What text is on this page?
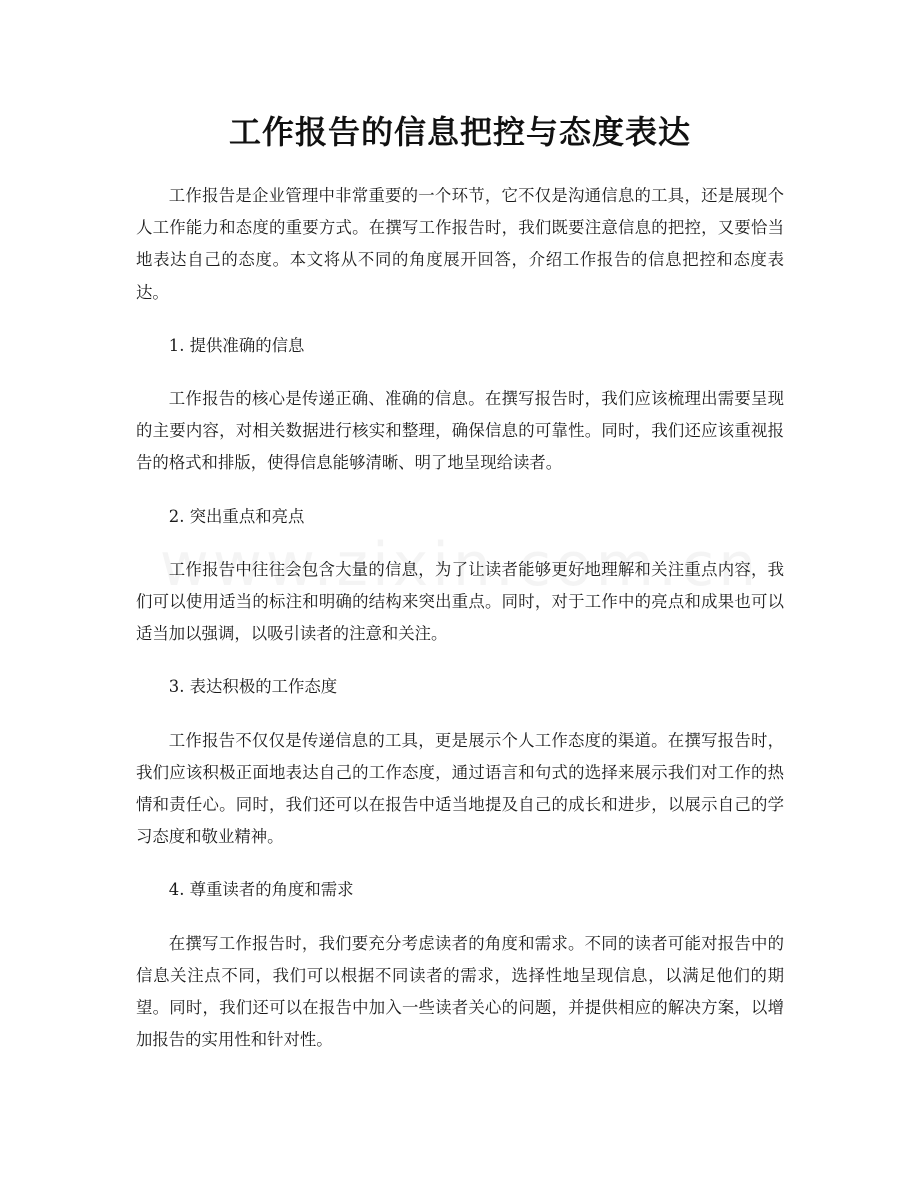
工作报告的信息把控与态度表达

工作报告是企业管理中非常重要的一个环节，它不仅是沟通信息的工具，还是展现个人工作能力和态度的重要方式。在撰写工作报告时，我们既要注意信息的把控，又要恰当地表达自己的态度。本文将从不同的角度展开回答，介绍工作报告的信息把控和态度表达。

1. 提供准确的信息

工作报告的核心是传递正确、准确的信息。在撰写报告时，我们应该梳理出需要呈现的主要内容，对相关数据进行核实和整理，确保信息的可靠性。同时，我们还应该重视报告的格式和排版，使得信息能够清晰、明了地呈现给读者。

2. 突出重点和亮点

工作报告中往往会包含大量的信息，为了让读者能够更好地理解和关注重点内容，我们可以使用适当的标注和明确的结构来突出重点。同时，对于工作中的亮点和成果也可以适当加以强调，以吸引读者的注意和关注。

3. 表达积极的工作态度

工作报告不仅仅是传递信息的工具，更是展示个人工作态度的渠道。在撰写报告时，我们应该积极正面地表达自己的工作态度，通过语言和句式的选择来展示我们对工作的热情和责任心。同时，我们还可以在报告中适当地提及自己的成长和进步，以展示自己的学习态度和敬业精神。

4. 尊重读者的角度和需求

在撰写工作报告时，我们要充分考虑读者的角度和需求。不同的读者可能对报告中的信息关注点不同，我们可以根据不同读者的需求，选择性地呈现信息，以满足他们的期望。同时，我们还可以在报告中加入一些读者关心的问题，并提供相应的解决方案，以增加报告的实用性和针对性。
